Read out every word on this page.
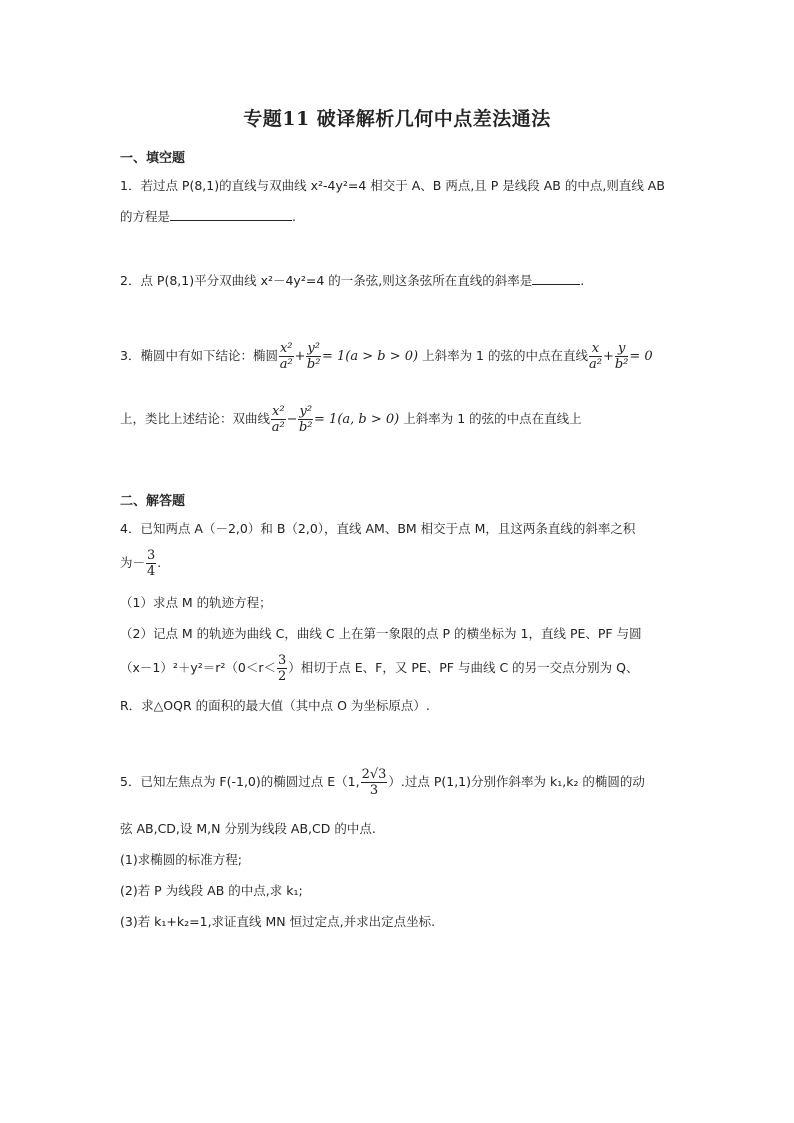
专题11 破译解析几何中点差法通法
一、填空题
1．若过点 P(8,1)的直线与双曲线 x²-4y²=4 相交于 A、B 两点,且 P 是线段 AB 的中点,则直线 AB
的方程是	.
2．点 P(8,1)平分双曲线 x²－4y²=4 的一条弦,则这条弦所在直线的斜率是	.
3．椭圆中有如下结论：椭圆 $\frac{\text{x²}}{\text{a²}} + \frac{\text{y²}}{\text{b²}} = 1(a > b > 0)$ 上斜率为 1 的弦的中点在直线 $\frac{x}{\text{a²}} + \frac{y}{\text{b²}} = 0$
上，类比上述结论：双曲线 $\frac{\text{x²}}{\text{a²}} - \frac{\text{y²}}{\text{b²}} = 1(a$, b > 0) 上斜率为 1 的弦的中点在直线上
二、解答题
4．已知两点 A（－2,0）和 B（2,0），直线 AM、BM 相交于点 M，且这两条直线的斜率之积
为－ $\frac{3}{4}$ .
（1）求点 M 的轨迹方程；
（2）记点 M 的轨迹为曲线 C，曲线 C 上在第一象限的点 P 的横坐标为 1，直线 PE、PF 与圆
$(x-1)^2+y^2=r^2(0<r< \frac{3}{2}$ ）相切于点 E、F，又 PE、PF 与曲线 C 的另一交点分别为 Q、
R．求△OQR 的面积的最大值（其中点 O 为坐标原点）.
5．已知左焦点为 F(-1,0)的椭圆过点 E（1, $\frac{2√3}{3}$ ）.过点 P(1,1)分别作斜率为 k₁,k₂ 的椭圆的动
弦 AB,CD,设 M,N 分别为线段 AB,CD 的中点.
(1)求椭圆的标准方程;
(2)若 P 为线段 AB 的中点,求 k₁;
(3)若 k₁+k₂=1,求证直线 MN 恒过定点,并求出定点坐标.
